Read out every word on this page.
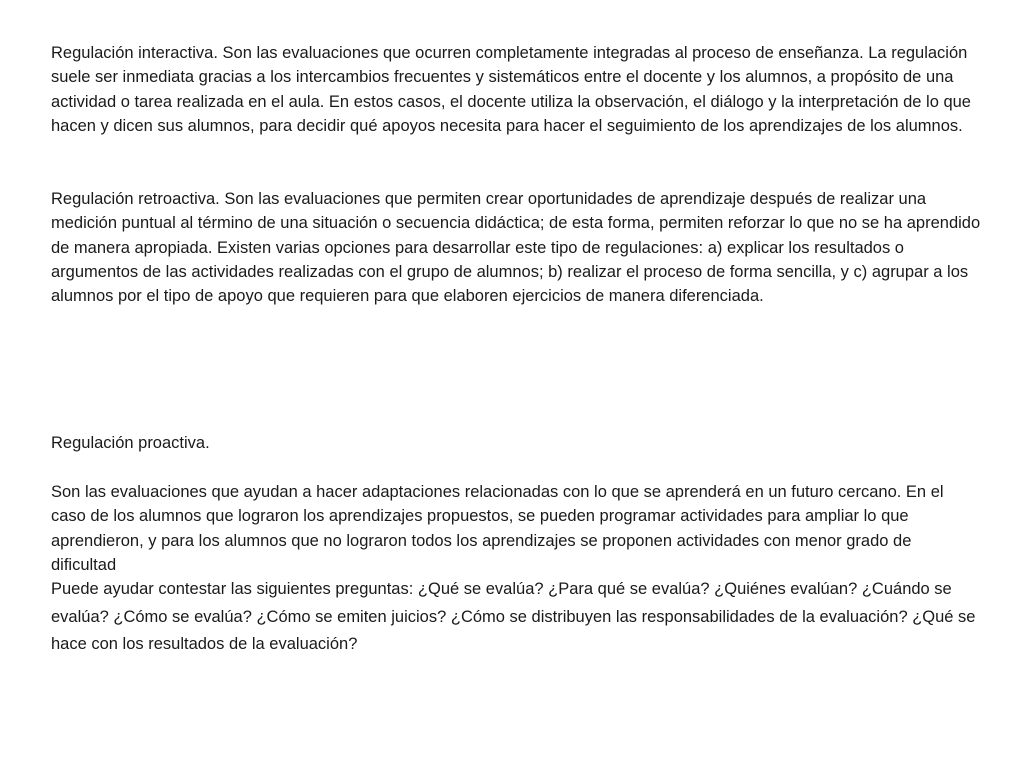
Regulación interactiva. Son las evaluaciones que ocurren completamente integradas al proceso de enseñanza. La regulación suele ser inmediata gracias a los intercambios frecuentes y sistemáticos entre el docente y los alumnos, a propósito de una actividad o tarea realizada en el aula. En estos casos, el docente utiliza la observación, el diálogo y la interpretación de lo que hacen y dicen sus alumnos, para decidir qué apoyos necesita para hacer el seguimiento de los aprendizajes de los alumnos.

Regulación retroactiva. Son las evaluaciones que permiten crear oportunidades de aprendizaje después de realizar una medición puntual al término de una situación o secuencia didáctica; de esta forma, permiten reforzar lo que no se ha aprendido de manera apropiada. Existen varias opciones para desarrollar este tipo de regulaciones: a) explicar los resultados o argumentos de las actividades realizadas con el grupo de alumnos; b) realizar el proceso de forma sencilla, y c) agrupar a los alumnos por el tipo de apoyo que requieren para que elaboren ejercicios de manera diferenciada.

Regulación proactiva.

Son las evaluaciones que ayudan a hacer adaptaciones relacionadas con lo que se aprenderá en un futuro cercano. En el caso de los alumnos que lograron los aprendizajes propuestos, se pueden programar actividades para ampliar lo que aprendieron, y para los alumnos que no lograron todos los aprendizajes se proponen actividades con menor grado de dificultad

Puede ayudar contestar las siguientes preguntas: ¿Qué se evalúa? ¿Para qué se evalúa? ¿Quiénes evalúan? ¿Cuándo se evalúa? ¿Cómo se evalúa? ¿Cómo se emiten juicios? ¿Cómo se distribuyen las responsabilidades de la evaluación? ¿Qué se hace con los resultados de la evaluación?
